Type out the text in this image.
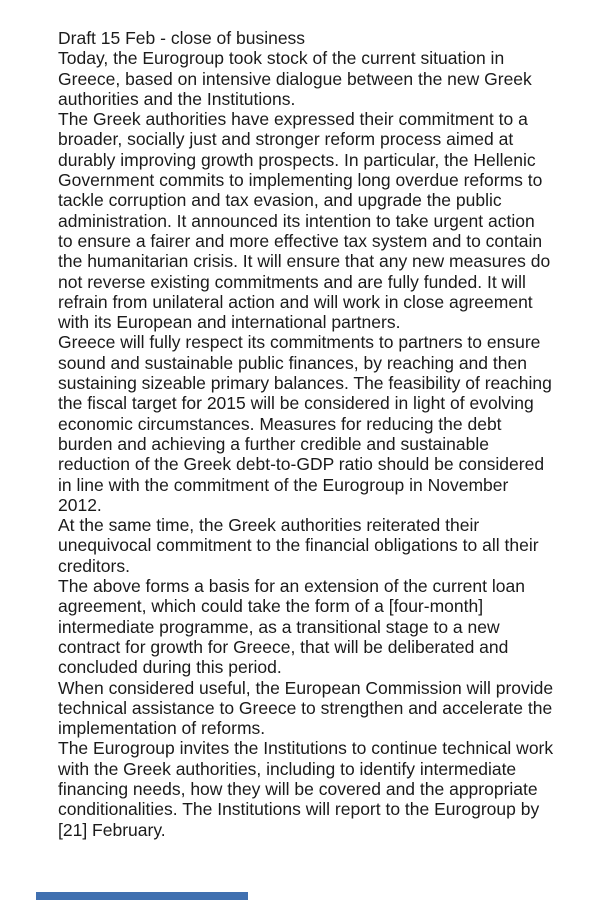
Draft 15 Feb - close of business
Today, the Eurogroup took stock of the current situation in
Greece, based on intensive dialogue between the new Greek
authorities and the Institutions.
The Greek authorities have expressed their commitment to a
broader, socially just and stronger reform process aimed at
durably improving growth prospects. In particular, the Hellenic
Government commits to implementing long overdue reforms to
tackle corruption and tax evasion, and upgrade the public
administration. It announced its intention to take urgent action
to ensure a fairer and more effective tax system and to contain
the humanitarian crisis. It will ensure that any new measures do
not reverse existing commitments and are fully funded. It will
refrain from unilateral action and will work in close agreement
with its European and international partners.
Greece will fully respect its commitments to partners to ensure
sound and sustainable public finances, by reaching and then
sustaining sizeable primary balances. The feasibility of reaching
the fiscal target for 2015 will be considered in light of evolving
economic circumstances. Measures for reducing the debt
burden and achieving a further credible and sustainable
reduction of the Greek debt-to-GDP ratio should be considered
in line with the commitment of the Eurogroup in November
2012.
At the same time, the Greek authorities reiterated their
unequivocal commitment to the financial obligations to all their
creditors.
The above forms a basis for an extension of the current loan
agreement, which could take the form of a [four-month]
intermediate programme, as a transitional stage to a new
contract for growth for Greece, that will be deliberated and
concluded during this period.
When considered useful, the European Commission will provide
technical assistance to Greece to strengthen and accelerate the
implementation of reforms.
The Eurogroup invites the Institutions to continue technical work
with the Greek authorities, including to identify intermediate
financing needs, how they will be covered and the appropriate
conditionalities. The Institutions will report to the Eurogroup by
[21] February.
